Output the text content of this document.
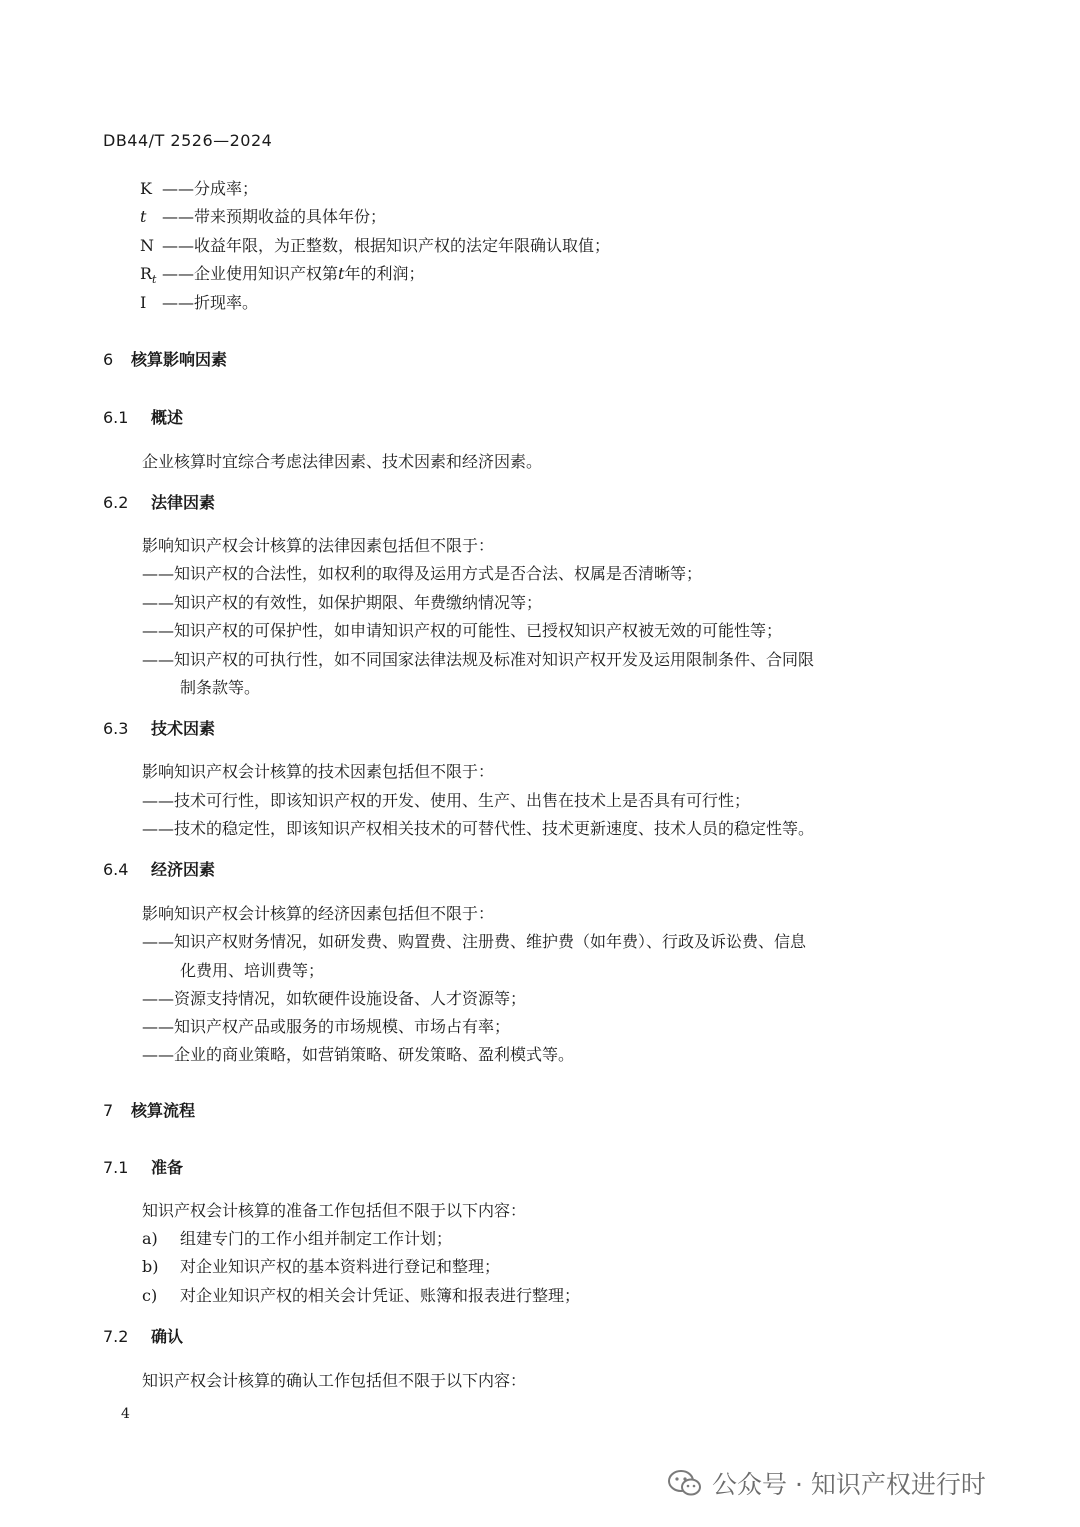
DB44/T 2526—2024
K ——分成率；
t ——带来预期收益的具体年份；
N ——收益年限，为正整数，根据知识产权的法定年限确认取值；
$R_t$ ——企业使用知识产权第t年的利润；
I ——折现率。
6 核算影响因素
6.1 概述
企业核算时宜综合考虑法律因素、技术因素和经济因素。
6.2 法律因素
影响知识产权会计核算的法律因素包括但不限于：
——知识产权的合法性，如权利的取得及运用方式是否合法、权属是否清晰等；
——知识产权的有效性，如保护期限、年费缴纳情况等；
——知识产权的可保护性，如申请知识产权的可能性、已授权知识产权被无效的可能性等；
——知识产权的可执行性，如不同国家法律法规及标准对知识产权开发及运用限制条件、合同限
制条款等。
6.3 技术因素
影响知识产权会计核算的技术因素包括但不限于：
——技术可行性，即该知识产权的开发、使用、生产、出售在技术上是否具有可行性；
——技术的稳定性，即该知识产权相关技术的可替代性、技术更新速度、技术人员的稳定性等。
6.4 经济因素
影响知识产权会计核算的经济因素包括但不限于：
——知识产权财务情况，如研发费、购置费、注册费、维护费（如年费）、行政及诉讼费、信息
化费用、培训费等；
——资源支持情况，如软硬件设施设备、人才资源等；
——知识产权产品或服务的市场规模、市场占有率；
——企业的商业策略，如营销策略、研发策略、盈利模式等。
7 核算流程
7.1 准备
知识产权会计核算的准备工作包括但不限于以下内容：
a) 组建专门的工作小组并制定工作计划；
b) 对企业知识产权的基本资料进行登记和整理；
c) 对企业知识产权的相关会计凭证、账簿和报表进行整理；
7.2 确认
知识产权会计核算的确认工作包括但不限于以下内容：
4
公众号 · 知识产权进行时
